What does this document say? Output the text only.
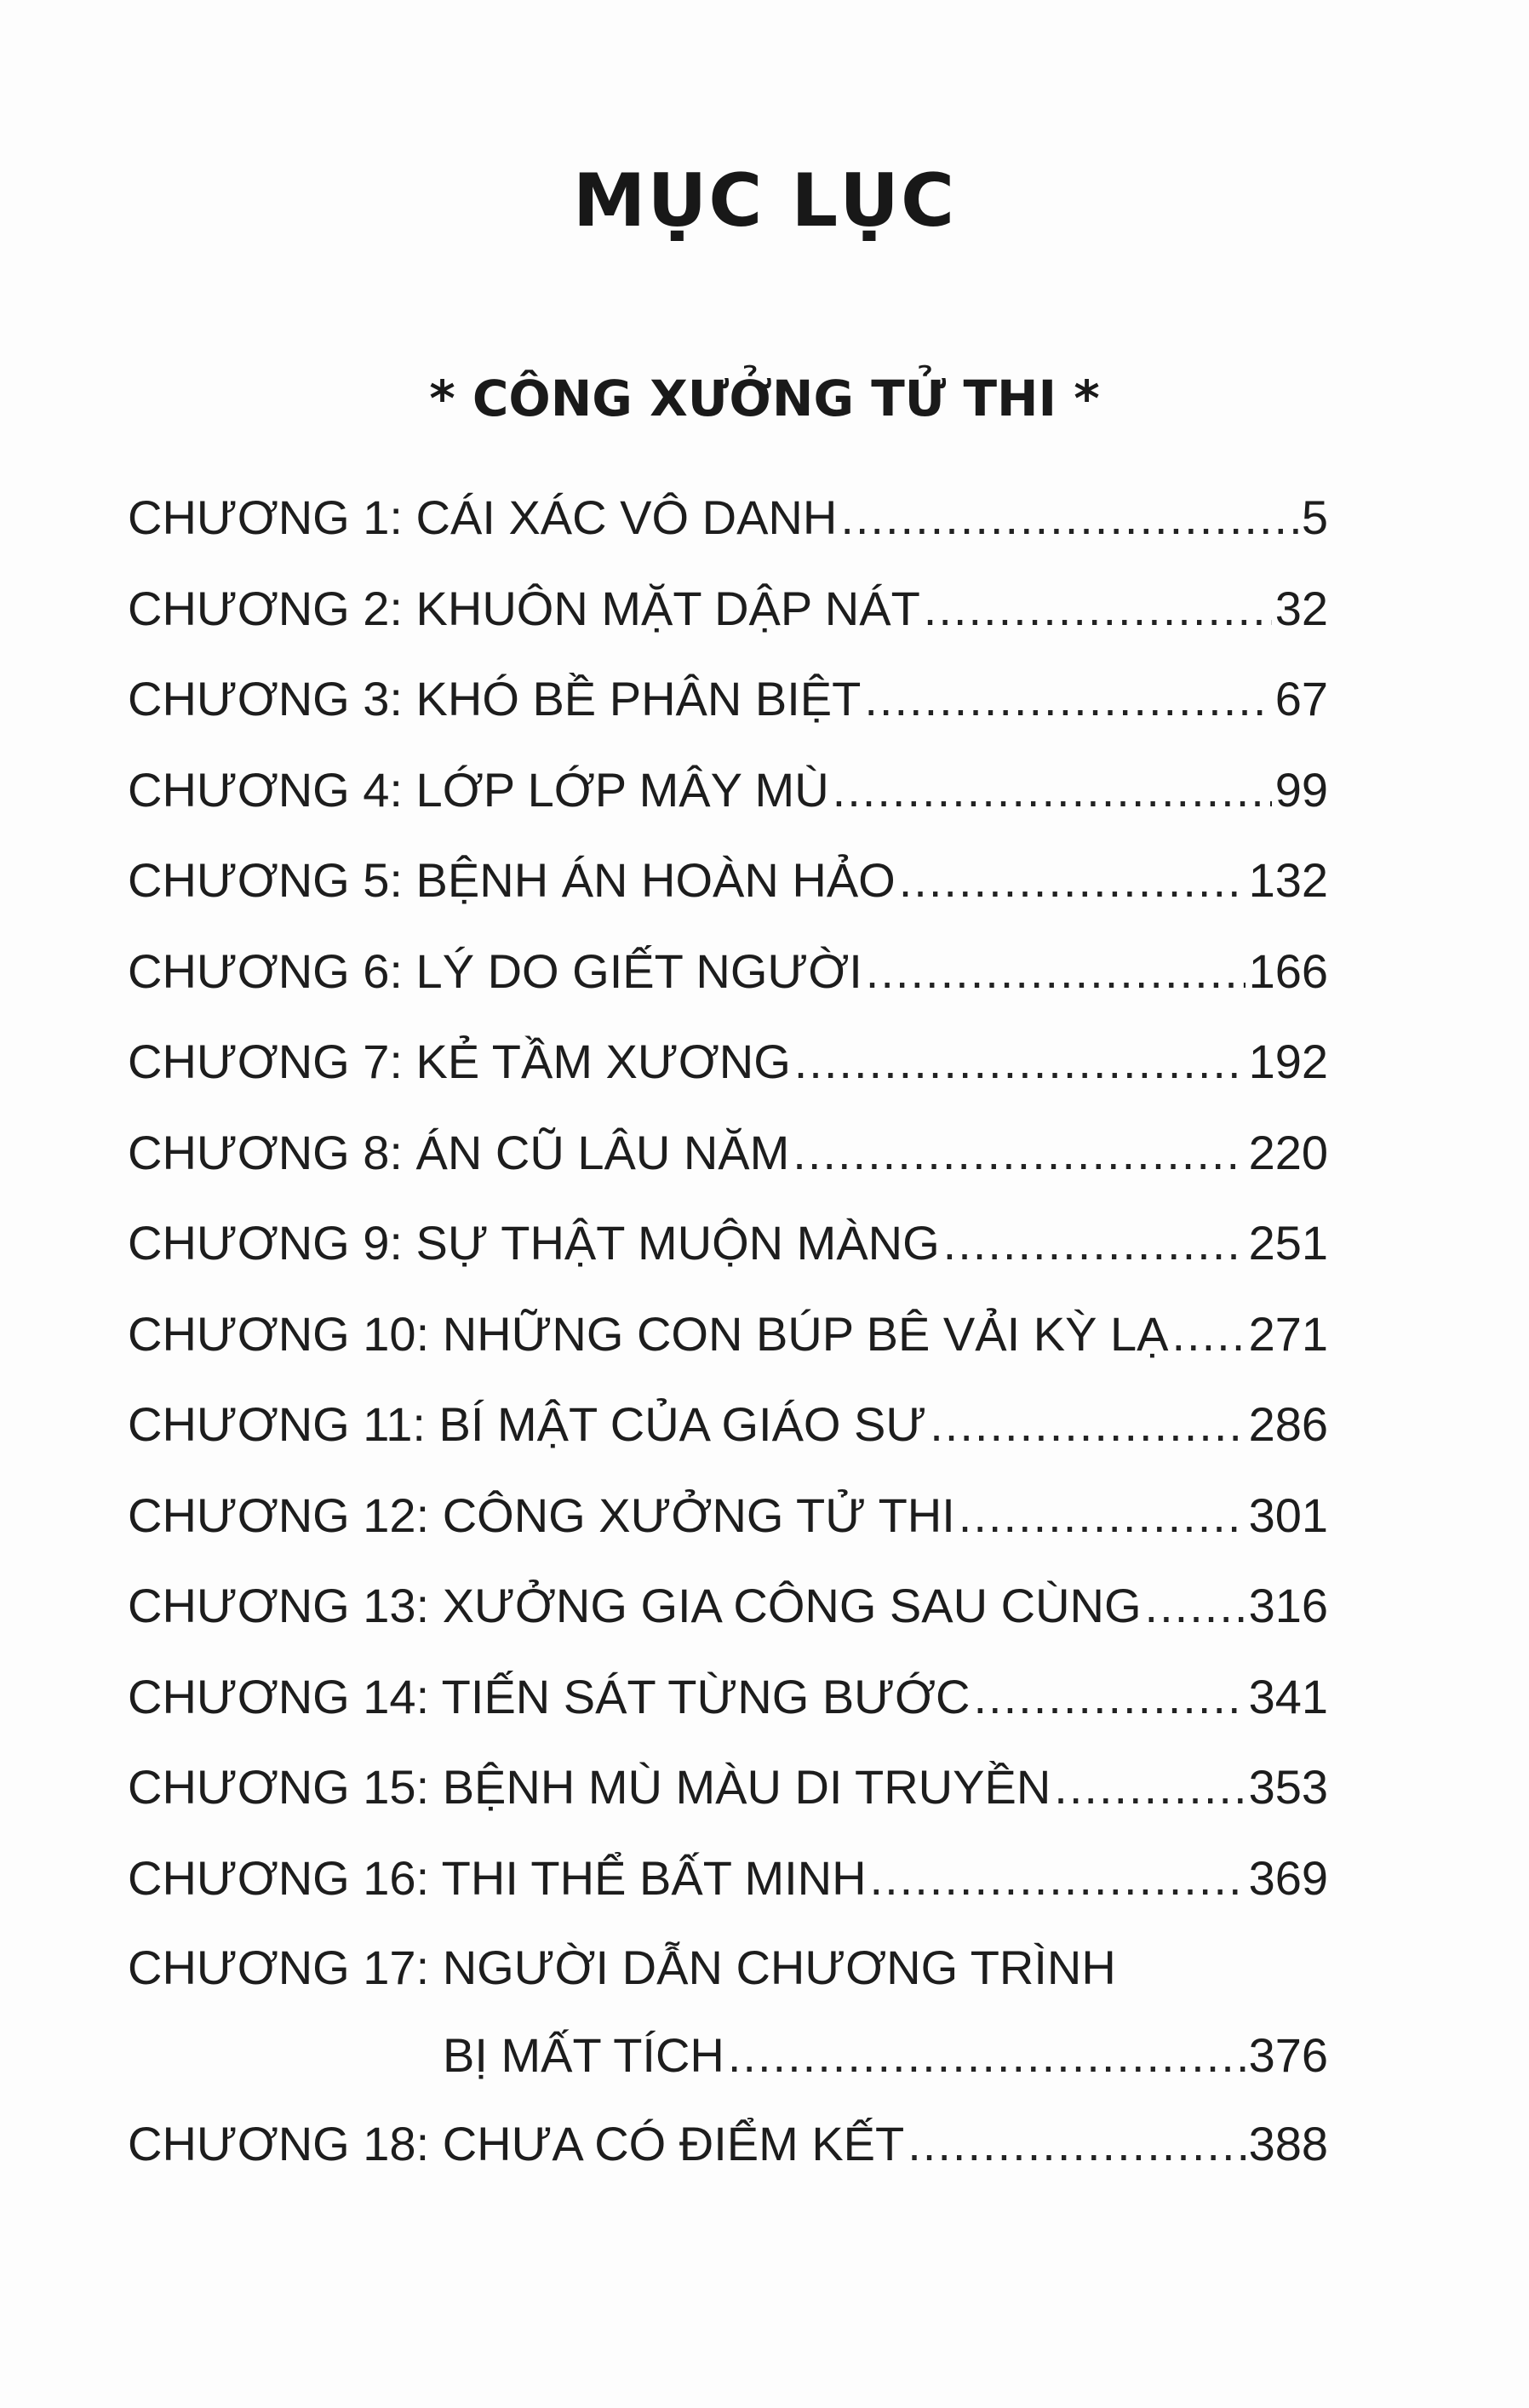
MỤC LỤC
* CÔNG XƯỞNG TỬ THI *
CHƯƠNG 1: CÁI XÁC VÔ DANH .....	5
CHƯƠNG 2: KHUÔN MẶT DẬP NÁT .....	32
CHƯƠNG 3: KHÓ BỀ PHÂN BIỆT .....	67
CHƯƠNG 4: LỚP LỚP MÂY MÙ .....	99
CHƯƠNG 5: BỆNH ÁN HOÀN HẢO .....	132
CHƯƠNG 6: LÝ DO GIẾT NGƯỜI .....	166
CHƯƠNG 7: KẺ TẦM XƯƠNG .....	192
CHƯƠNG 8: ÁN CŨ LÂU NĂM .....	220
CHƯƠNG 9: SỰ THẬT MUỘN MÀNG .....	251
CHƯƠNG 10: NHỮNG CON BÚP BÊ VẢI KỲ LẠ ..... 271
CHƯƠNG 11: BÍ MẬT CỦA GIÁO SƯ .....	286
CHƯƠNG 12: CÔNG XƯỞNG TỬ THI .....	301
CHƯƠNG 13: XƯỞNG GIA CÔNG SAU CÙNG ..... 316
CHƯƠNG 14: TIẾN SÁT TỪNG BƯỚC .....	341
CHƯƠNG 15: BỆNH MÙ MÀU DI TRUYỀN .....	353
CHƯƠNG 16: THI THỂ BẤT MINH .....	369
CHƯƠNG 17: NGƯỜI DẪN CHƯƠNG TRÌNH
BỊ MẤT TÍCH .....	376
CHƯƠNG 18: CHƯA CÓ ĐIỂM KẾT .....	388
